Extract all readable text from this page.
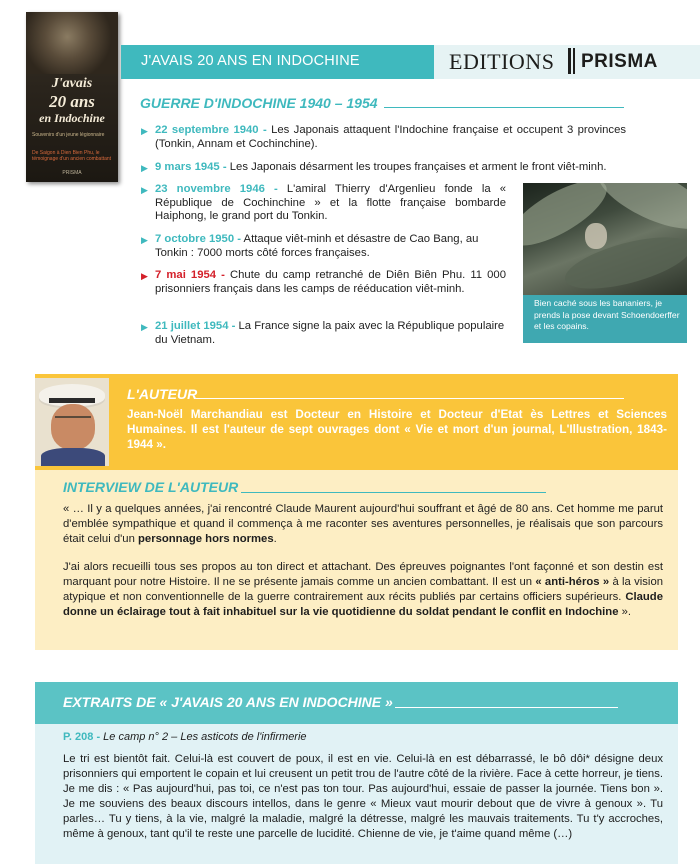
J'avais
20 ans
en Indochine
Souvenirs d'un jeune légionnaire
De Saigon à Dien Bien Phu, le témoignage d'un ancien combattant
PRISMA
J'AVAIS 20 ANS EN INDOCHINE	EDITIONS PRISMA
GUERRE D'INDOCHINE 1940 – 1954
▶ 22 septembre 1940 - Les Japonais attaquent l'Indochine française et occupent 3 provinces (Tonkin, Annam et Cochinchine).
▶ 9 mars 1945 - Les Japonais désarment les troupes françaises et arment le front viêt-minh.
▶ 23 novembre 1946 - L'amiral Thierry d'Argenlieu fonde la « République de Cochinchine » et la flotte française bombarde Haiphong, le grand port du Tonkin.
▶ 7 octobre 1950 - Attaque viêt-minh et désastre de Cao Bang, au Tonkin : 7000 morts côté forces françaises.
▶ 7 mai 1954 - Chute du camp retranché de Diên Biên Phu. 11 000 prisonniers français dans les camps de rééducation viêt-minh.
▶ 21 juillet 1954 - La France signe la paix avec la République populaire du Vietnam.
Bien caché sous les bananiers, je prends la pose devant Schoendoerffer et les copains.
L'AUTEUR
Jean-Noël Marchandiau est Docteur en Histoire et Docteur d'Etat ès Lettres et Sciences Humaines. Il est l'auteur de sept ouvrages dont « Vie et mort d'un journal, L'Illustration, 1843-1944 ».
INTERVIEW DE L'AUTEUR
« … Il y a quelques années, j'ai rencontré Claude Maurent aujourd'hui souffrant et âgé de 80 ans. Cet homme me parut d'emblée sympathique et quand il commença à me raconter ses aventures personnelles, je réalisais que son parcours était celui d'un personnage hors normes.
J'ai alors recueilli tous ses propos au ton direct et attachant. Des épreuves poignantes l'ont façonné et son destin est marquant pour notre Histoire. Il ne se présente jamais comme un ancien combattant. Il est un « anti-héros » à la vision atypique et non conventionnelle de la guerre contrairement aux récits publiés par certains officiers supérieurs. Claude donne un éclairage tout à fait inhabituel sur la vie quotidienne du soldat pendant le conflit en Indochine ».
EXTRAITS DE « J'AVAIS 20 ANS EN INDOCHINE »
P. 208 - Le camp n° 2 – Les asticots de l'infirmerie
Le tri est bientôt fait. Celui-là est couvert de poux, il est en vie. Celui-là en est débarrassé, le bô dôi* désigne deux prisonniers qui emportent le copain et lui creusent un petit trou de l'autre côté de la rivière. Face à cette horreur, je tiens. Je me dis : « Pas aujourd'hui, pas toi, ce n'est pas ton tour. Pas aujourd'hui, essaie de passer la journée. Tiens bon ». Je me souviens des beaux discours intellos, dans le genre « Mieux vaut mourir debout que de vivre à genoux ». Tu parles… Tu y tiens, à la vie, malgré la maladie, malgré la détresse, malgré les mauvais traitements. Tu t'y accroches, même à genoux, tant qu'il te reste une parcelle de lucidité. Chienne de vie, je t'aime quand même (…)
